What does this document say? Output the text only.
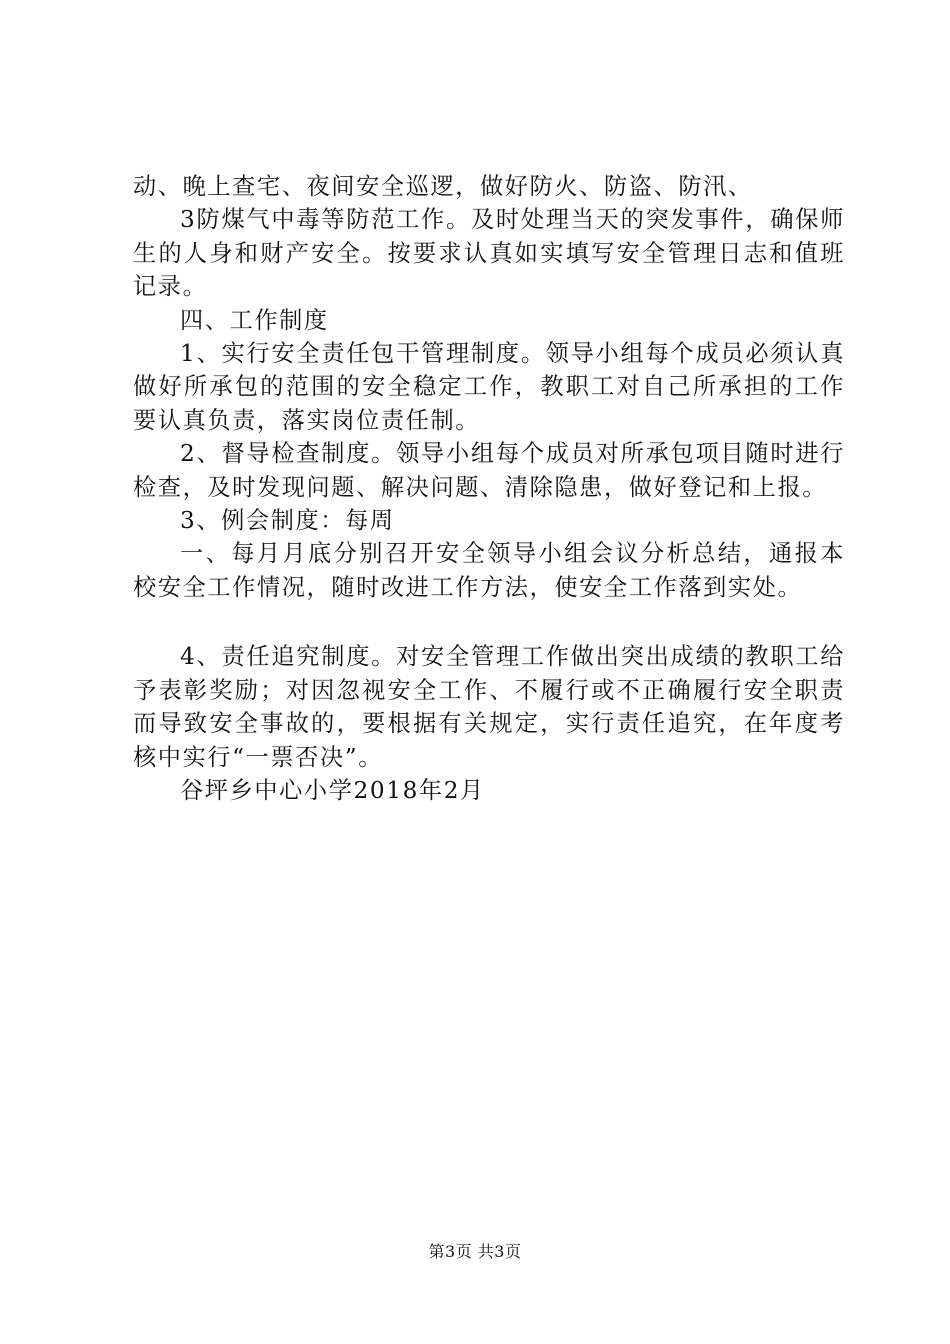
动、晚上查宅、夜间安全巡逻，做好防火、防盗、防汛、

3防煤气中毒等防范工作。及时处理当天的突发事件，确保师生的人身和财产安全。按要求认真如实填写安全管理日志和值班记录。

四、工作制度

1、实行安全责任包干管理制度。领导小组每个成员必须认真做好所承包的范围的安全稳定工作，教职工对自己所承担的工作要认真负责，落实岗位责任制。

2、督导检查制度。领导小组每个成员对所承包项目随时进行检查，及时发现问题、解决问题、清除隐患，做好登记和上报。

3、例会制度：每周

一、每月月底分别召开安全领导小组会议分析总结，通报本校安全工作情况，随时改进工作方法，使安全工作落到实处。

4、责任追究制度。对安全管理工作做出突出成绩的教职工给予表彰奖励；对因忽视安全工作、不履行或不正确履行安全职责而导致安全事故的，要根据有关规定，实行责任追究，在年度考核中实行“一票否决”。

谷坪乡中心小学2018年2月

第3页 共3页
